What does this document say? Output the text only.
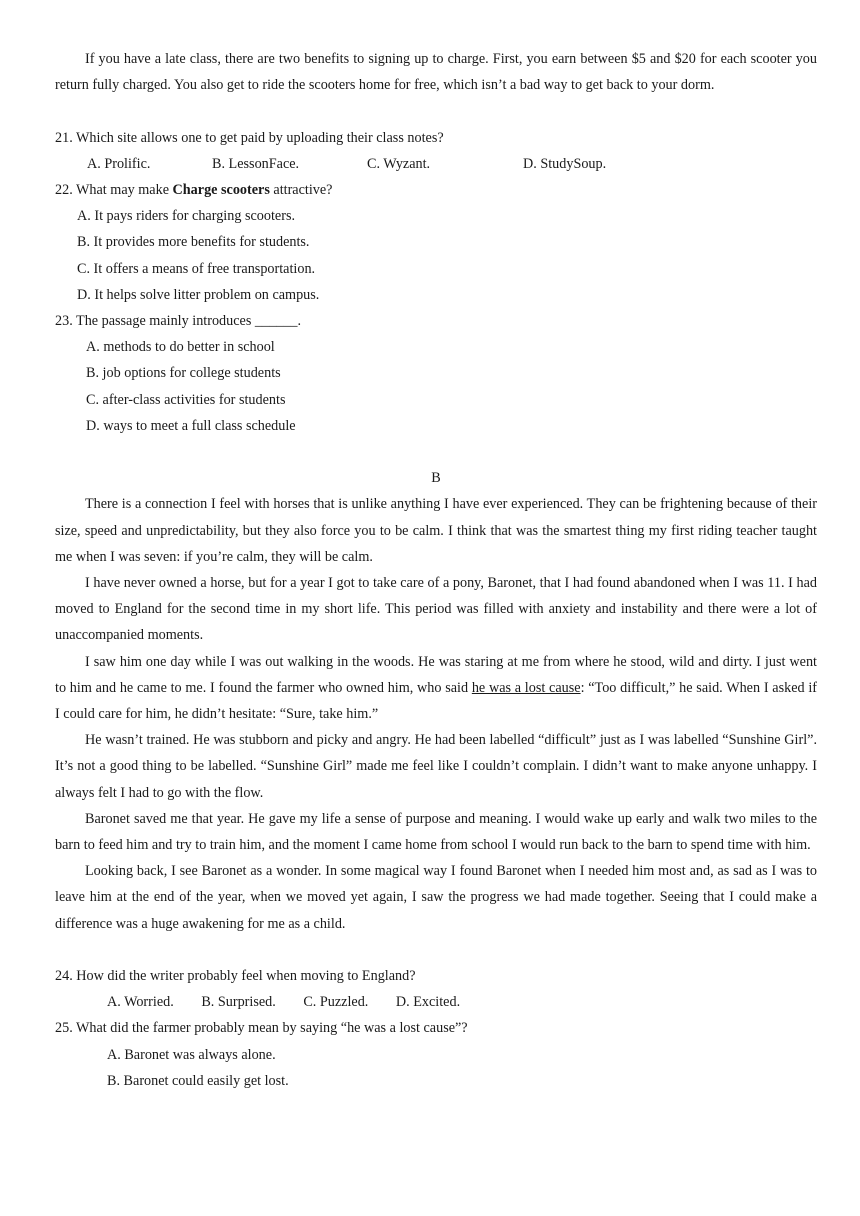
If you have a late class, there are two benefits to signing up to charge. First, you earn between $5 and $20 for each scooter you return fully charged. You also get to ride the scooters home for free, which isn’t a bad way to get back to your dorm.

21. Which site allows one to get paid by uploading their class notes?

A. Prolific.	B. LessonFace.	C. Wyzant.	D. StudySoup.

22. What may make Charge scooters attractive?

A. It pays riders for charging scooters.

B. It provides more benefits for students.

C. It offers a means of free transportation.

D. It helps solve litter problem on campus.

23. The passage mainly introduces ______.

A. methods to do better in school

B. job options for college students

C. after-class activities for students

D. ways to meet a full class schedule

B

There is a connection I feel with horses that is unlike anything I have ever experienced. They can be frightening because of their size, speed and unpredictability, but they also force you to be calm. I think that was the smartest thing my first riding teacher taught me when I was seven: if you’re calm, they will be calm.

I have never owned a horse, but for a year I got to take care of a pony, Baronet, that I had found abandoned when I was 11. I had moved to England for the second time in my short life. This period was filled with anxiety and instability and there were a lot of unaccompanied moments.

I saw him one day while I was out walking in the woods. He was staring at me from where he stood, wild and dirty. I just went to him and he came to me. I found the farmer who owned him, who said he was a lost cause: “Too difficult,” he said. When I asked if I could care for him, he didn’t hesitate: “Sure, take him.”

He wasn’t trained. He was stubborn and picky and angry. He had been labelled “difficult” just as I was labelled “Sunshine Girl”. It’s not a good thing to be labelled. “Sunshine Girl” made me feel like I couldn’t complain. I didn’t want to make anyone unhappy. I always felt I had to go with the flow.

Baronet saved me that year. He gave my life a sense of purpose and meaning. I would wake up early and walk two miles to the barn to feed him and try to train him, and the moment I came home from school I would run back to the barn to spend time with him.

Looking back, I see Baronet as a wonder. In some magical way I found Baronet when I needed him most and, as sad as I was to leave him at the end of the year, when we moved yet again, I saw the progress we had made together. Seeing that I could make a difference was a huge awakening for me as a child.

24. How did the writer probably feel when moving to England?

A. Worried. B. Surprised. C. Puzzled. D. Excited.

25. What did the farmer probably mean by saying “he was a lost cause”?

A. Baronet was always alone.

B. Baronet could easily get lost.
